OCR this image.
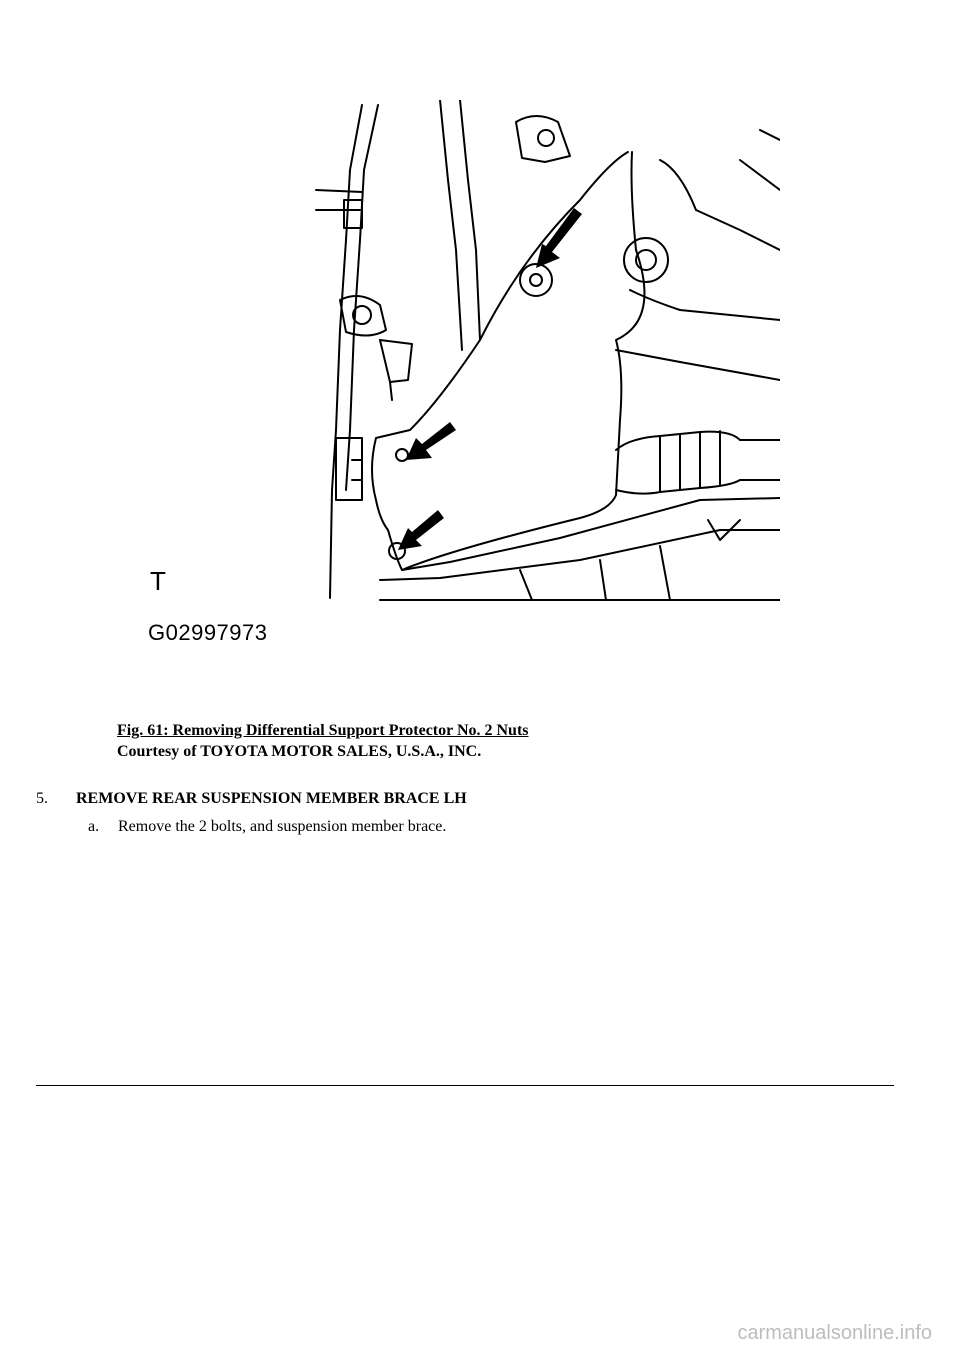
T
G02997973
Fig. 61: Removing Differential Support Protector No. 2 Nuts
Courtesy of TOYOTA MOTOR SALES, U.S.A., INC.
5. REMOVE REAR SUSPENSION MEMBER BRACE LH
a. Remove the 2 bolts, and suspension member brace.
carmanualsonline.info
